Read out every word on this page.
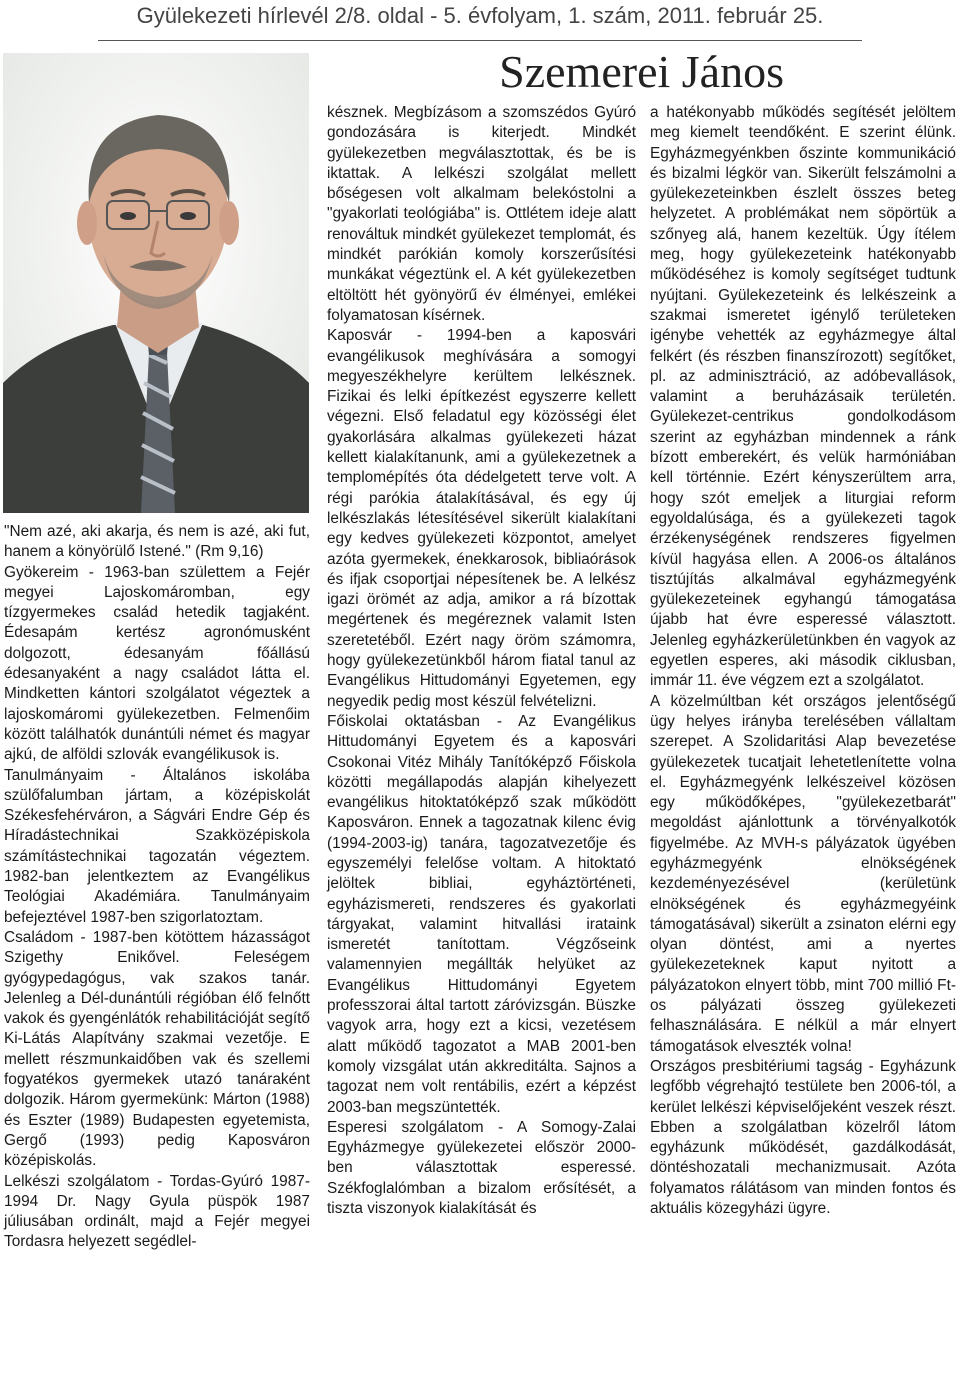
Gyülekezeti hírlevél 2/8. oldal - 5. évfolyam, 1. szám, 2011. február 25.
Szemerei János

"Nem azé, aki akarja, és nem is azé, aki fut, hanem a könyörülő Istené." (Rm 9,16)

Gyökereim - 1963-ban születtem a Fejér megyei Lajoskomáromban, egy tízgyermekes család hetedik tagjaként. Édesapám kertész agronómusként dolgozott, édesanyám főállású édesanyaként a nagy családot látta el. Mindketten kántori szolgálatot végeztek a lajoskomáromi gyülekezetben. Felmenőim között találhatók dunántúli német és magyar ajkú, de alföldi szlovák evangélikusok is.

Tanulmányaim - Általános iskolába szülőfalumban jártam, a középiskolát Székesfehérváron, a Ságvári Endre Gép és Híradástechnikai Szakközépiskola számítástechnikai tagozatán végeztem. 1982-ban jelentkeztem az Evangélikus Teológiai Akadémiára. Tanulmányaim befejeztével 1987-ben szigorlatoztam.

Családom - 1987-ben kötöttem házasságot Szigethy Enikővel. Feleségem gyógypedagógus, vak szakos tanár. Jelenleg a Dél-dunántúli régióban élő felnőtt vakok és gyengénlátók rehabilitációját segítő Ki-Látás Alapítvány szakmai vezetője. E mellett részmunkaidőben vak és szellemi fogyatékos gyermekek utazó tanáraként dolgozik. Három gyermekünk: Márton (1988) és Eszter (1989) Budapesten egyetemista, Gergő (1993) pedig Kaposváron középiskolás.

Lelkészi szolgálatom - Tordas-Gyúró 1987-1994 Dr. Nagy Gyula püspök 1987 júliusában ordinált, majd a Fejér megyei Tordasra helyezett segédlel-

késznek. Megbízásom a szomszédos Gyúró gondozására is kiterjedt. Mindkét gyülekezetben megválasztottak, és be is iktattak. A lelkészi szolgálat mellett bőségesen volt alkalmam belekóstolni a "gyakorlati teológiába" is. Ottlétem ideje alatt renováltuk mindkét gyülekezet templomát, és mindkét parókián komoly korszerűsítési munkákat végeztünk el. A két gyülekezetben eltöltött hét gyönyörű év élményei, emlékei folyamatosan kísérnek.

Kaposvár - 1994-ben a kaposvári evangélikusok meghívására a somogyi megyeszékhelyre kerültem lelkésznek. Fizikai és lelki építkezést egyszerre kellett végezni. Első feladatul egy közösségi élet gyakorlására alkalmas gyülekezeti házat kellett kialakítanunk, ami a gyülekezetnek a templomépítés óta dédelgetett terve volt. A régi parókia átalakításával, és egy új lelkészlakás létesítésével sikerült kialakítani egy kedves gyülekezeti központot, amelyet azóta gyermekek, énekkarosok, bibliaórások és ifjak csoportjai népesítenek be. A lelkész igazi örömét az adja, amikor a rá bízottak megértenek és megéreznek valamit Isten szeretetéből. Ezért nagy öröm számomra, hogy gyülekezetünkből három fiatal tanul az Evangélikus Hittudományi Egyetemen, egy negyedik pedig most készül felvételizni.

Főiskolai oktatásban - Az Evangélikus Hittudományi Egyetem és a kaposvári Csokonai Vitéz Mihály Tanítóképző Főiskola közötti megállapodás alapján kihelyezett evangélikus hitoktatóképző szak működött Kaposváron. Ennek a tagozatnak kilenc évig (1994-2003-ig) tanára, tagozatvezetője és egyszemélyi felelőse voltam. A hitoktató jelöltek bibliai, egyháztörténeti, egyházismereti, rendszeres és gyakorlati tárgyakat, valamint hitvallási irataink ismeretét tanítottam. Végzőseink valamennyien megállták helyüket az Evangélikus Hittudományi Egyetem professzorai által tartott záróvizsgán. Büszke vagyok arra, hogy ezt a kicsi, vezetésem alatt működő tagozatot a MAB 2001-ben komoly vizsgálat után akkreditálta. Sajnos a tagozat nem volt rentábilis, ezért a képzést 2003-ban megszüntették.

Esperesi szolgálatom - A Somogy-Zalai Egyházmegye gyülekezetei először 2000-ben választottak esperessé. Székfoglalómban a bizalom erősítését, a tiszta viszonyok kialakítását és

a hatékonyabb működés segítését jelöltem meg kiemelt teendőként. E szerint élünk. Egyházmegyénkben őszinte kommunikáció és bizalmi légkör van. Sikerült felszámolni a gyülekezeteinkben észlelt összes beteg helyzetet. A problémákat nem söpörtük a szőnyeg alá, hanem kezeltük. Úgy ítélem meg, hogy gyülekezeteink hatékonyabb működéséhez is komoly segítséget tudtunk nyújtani. Gyülekezeteink és lelkészeink a szakmai ismeretet igénylő területeken igénybe vehették az egyházmegye által felkért (és részben finanszírozott) segítőket, pl. az adminisztráció, az adóbevallások, valamint a beruházásaik területén. Gyülekezet-centrikus gondolkodásom szerint az egyházban mindennek a ránk bízott emberekért, és velük harmóniában kell történnie. Ezért kényszerültem arra, hogy szót emeljek a liturgiai reform egyoldalúsága, és a gyülekezeti tagok érzékenységének rendszeres figyelmen kívül hagyása ellen. A 2006-os általános tisztújítás alkalmával egyházmegyénk gyülekezeteinek egyhangú támogatása újabb hat évre esperessé választott. Jelenleg egyházkerületünkben én vagyok az egyetlen esperes, aki második ciklusban, immár 11. éve végzem ezt a szolgálatot.

A közelmúltban két országos jelentőségű ügy helyes irányba terelésében vállaltam szerepet. A Szolidaritási Alap bevezetése gyülekezetek tucatjait lehetetlenítette volna el. Egyházmegyénk lelkészeivel közösen egy működőképes, "gyülekezetbarát" megoldást ajánlottunk a törvényalkotók figyelmébe. Az MVH-s pályázatok ügyében egyházmegyénk elnökségének kezdeményezésével (kerületünk elnökségének és egyházmegyéink támogatásával) sikerült a zsinaton elérni egy olyan döntést, ami a nyertes gyülekezeteknek kaput nyitott a pályázatokon elnyert több, mint 700 millió Ft-os pályázati összeg gyülekezeti felhasználására. E nélkül a már elnyert támogatások elveszték volna!

Országos presbitériumi tagság - Egyházunk legfőbb végrehajtó testülete ben 2006-tól, a kerület lelkészi képviselőjeként veszek részt. Ebben a szolgálatban közelről látom egyházunk működését, gazdálkodását, döntéshozatali mechanizmusait. Azóta folyamatos rálátásom van minden fontos és aktuális közegyházi ügyre.
